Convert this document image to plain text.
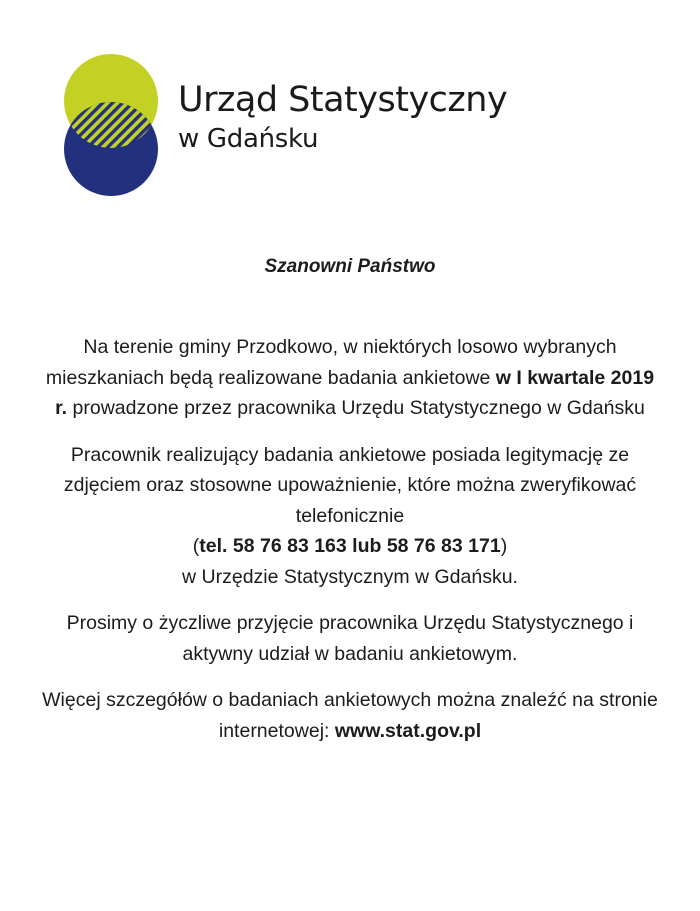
Urząd Statystyczny
w Gdańsku

Szanowni Państwo

Na terenie gminy Przodkowo, w niektórych losowo wybranych mieszkaniach będą realizowane badania ankietowe w I kwartale 2019 r. prowadzone przez pracownika Urzędu Statystycznego w Gdańsku

Pracownik realizujący badania ankietowe posiada legitymację ze zdjęciem oraz stosowne upoważnienie, które można zweryfikować telefonicznie
(tel. 58 76 83 163 lub 58 76 83 171)
w Urzędzie Statystycznym w Gdańsku.

Prosimy o życzliwe przyjęcie pracownika Urzędu Statystycznego i aktywny udział w badaniu ankietowym.

Więcej szczegółów o badaniach ankietowych można znaleźć na stronie internetowej: www.stat.gov.pl
